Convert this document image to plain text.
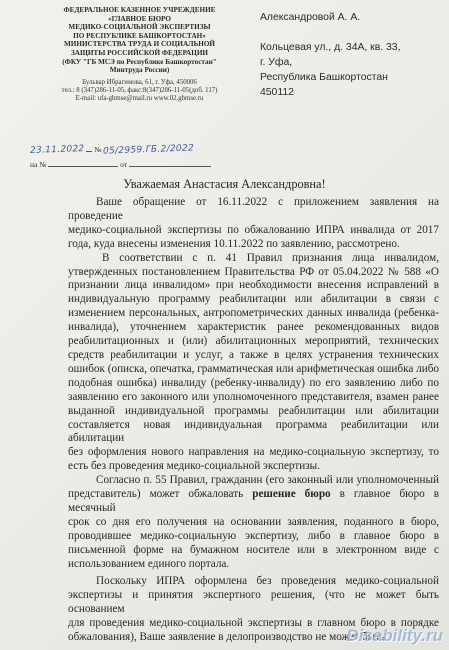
ФЕДЕРАЛЬНОЕ КАЗЕННОЕ УЧРЕЖДЕНИЕ
«ГЛАВНОЕ БЮРО
МЕДИКО-СОЦИАЛЬНОЙ ЭКСПЕРТИЗЫ
ПО РЕСПУБЛИКЕ БАШКОРТОСТАН»
МИНИСТЕРСТВА ТРУДА И СОЦИАЛЬНОЙ
ЗАЩИТЫ РОССИЙСКОЙ ФЕДЕРАЦИИ
(ФКУ "ГБ МСЭ по Республике Башкортостан"
Минтруда России)
Бульвар Ибрагимова, 61, г. Уфа, 450006
тел.: 8 (347)286-11-05, факс:8(347)286-11-05(доб. 117)
E-mail: ufa-gbmse@mail.ru www.02.gbmse.ru
23.11.2022 № 05/2959.ГБ.2/2022
на №	от
Александровой А. А.
Кольцевая ул., д. 34А, кв. 33,
г. Уфа,
Республика Башкортостан
450112
Уважаемая Анастасия Александровна!

Ваше обращение от 16.11.2022 с приложением заявления на проведение
медико-социальной экспертизы по обжалованию ИПРА инвалида от 2017
года, куда внесены изменения 10.11.2022 по заявлению, рассмотрено.

В соответствии с п. 41 Правил признания лица инвалидом,
утвержденных постановлением Правительства РФ от 05.04.2022 № 588 «О
признании лица инвалидом» при необходимости внесения исправлений в
индивидуальную программу реабилитации или абилитации в связи с
изменением персональных, антропометрических данных инвалида (ребенка-
инвалида), уточнением характеристик ранее рекомендованных видов
реабилитационных и (или) абилитационных мероприятий, технических
средств реабилитации и услуг, а также в целях устранения технических
ошибок (описка, опечатка, грамматическая или арифметическая ошибка либо
подобная ошибка) инвалиду (ребенку-инвалиду) по его заявлению либо по
заявлению его законного или уполномоченного представителя, взамен ранее
выданной индивидуальной программы реабилитации или абилитации
составляется новая индивидуальная программа реабилитации или абилитации
без оформления нового направления на медико-социальную экспертизу, то
есть без проведения медико-социальной экспертизы.

Согласно п. 55 Правил, гражданин (его законный или уполномоченный
представитель) может обжаловать решение бюро в главное бюро в месячный
срок со дня его получения на основании заявления, поданного в бюро,
проводившее медико-социальную экспертизу, либо в главное бюро в
письменной форме на бумажном носителе или в электронном виде с
использованием единого портала.

Поскольку ИПРА оформлена без проведения медико-социальной
экспертизы и принятия экспертного решения, (что не может быть основанием
для проведения медико-социальной экспертизы в главном бюро в порядке
обжалования), Ваше заявление в делопроизводство не может быть

Disability.ru
